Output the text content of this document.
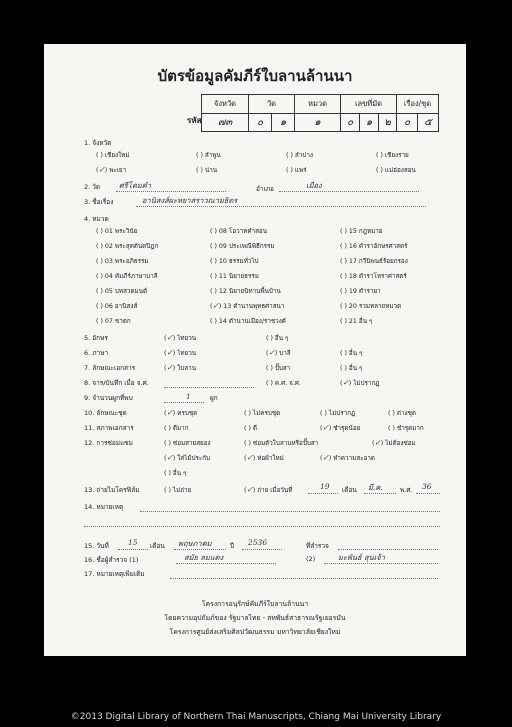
บัตรข้อมูลคัมภีร์ใบลานล้านนา
รหัส
จังหวัด	วัด	หมวด	เลขที่มัด	เรื่อง/ชุด
๗๓	๐	๑	๑	๐	๑	๒	๐	๕
1. จังหวัด
( ) เชียงใหม่	( ) ลำพูน	( ) ลำปาง	( ) เชียงราย
(✓) พะเยา	( ) น่าน	( ) แพร่	( ) แม่ฮ่องสอน
2. วัด	ศรีโคมคำ	อำเภอ	เมือง
3. ชื่อเรื่อง	อานิสงส์ผะหยาสราวณามธิตร
4. หมวด
( ) 01 พระวินัย
( ) 02 พระสุตตันตปิฎก
( ) 03 พระอภิธรรม
( ) 04 คัมภีร์ภาษาบาลี
( ) 05 บทสวดมนต์
( ) 06 อานิสงส์
( ) 07 ชาดก
( ) 08 โอวาทคำสอน
( ) 09 ประเพณีพิธีกรรม
( ) 10 ธรรมทั่วไป
( ) 11 นิยายธรรม
( ) 12 นิยายนิทานพื้นบ้าน
(✓) 13 ตำนานพุทธศาสนา
( ) 14 ตำนานเมือง/ราชวงศ์
( ) 15 กฎหมาย
( ) 16 ตำราอักษรศาสตร์
( ) 17 กวีนิพนธ์ร้อยกรอง
( ) 18 ตำราโหราศาสตร์
( ) 19 ตำรายา
( ) 20 รวมหลายหมวด
( ) 21 อื่น ๆ
5. อักษร	(✓) ไทยวน	( ) อื่น ๆ
6. ภาษา	(✓) ไทยวน	(✓) บาลี	( ) อื่น ๆ
7. ลักษณะเอกสาร	(✓) ใบลาน	( ) ปั๊บสา	( ) อื่น ๆ
8. จาร/บันทึก เมื่อ จ.ศ.	( ) ค.ศ. จ.ศ.	(✓) ไม่ปรากฏ
9. จำนวนผูกที่พบ	1	ผูก
10. ลักษณะชุด	(✓) ครบชุด	( ) ไม่ครบชุด	( ) ไม่ปรากฏ	( ) ต่างชุด
11. สภาพเอกสาร	( ) ดีมาก	( ) ดี	(✓) ชำรุดน้อย	( ) ชำรุดมาก
12. การซ่อมแซม	( ) ซ่อมสายสยอง	( ) ซ่อมตัวใบลานหรือปั๊บสา	(✓) ไม่ต้องซ่อม
(✓) ใส่ไม้ประกับ	(✓) ห่อผ้าใหม่	(✓) ทำความสะอาด
( ) อื่น ๆ
13. ถ่ายไมโครฟิล์ม	( ) ไม่ถ่าย	(✓) ถ่าย เมื่อวันที่	19 เดือน มี.ค.	พ.ศ. 36
14. หมายเหตุ
15. วันที่	15 เดือน พฤษภาคม	ปี 2536	ที่สำรวจ
16. ชื่อผู้สำรวจ (1)	สมัย ลมแดง	(2)	มะพันธ์ สุนเจ้า
17. หมายเหตุเพิ่มเติม
โครงการอนุรักษ์คัมภีร์ใบลานล้านนา
โดยความอุปถัมภ์ของ รัฐบาลไทย - สหพันธ์สาธารณรัฐเยอรมัน
โครงการศูนย์ส่งเสริมศิลปวัฒนธรรม มหาวิทยาลัยเชียงใหม่
©2013 Digital Library of Northern Thai Manuscripts, Chiang Mai University Library
